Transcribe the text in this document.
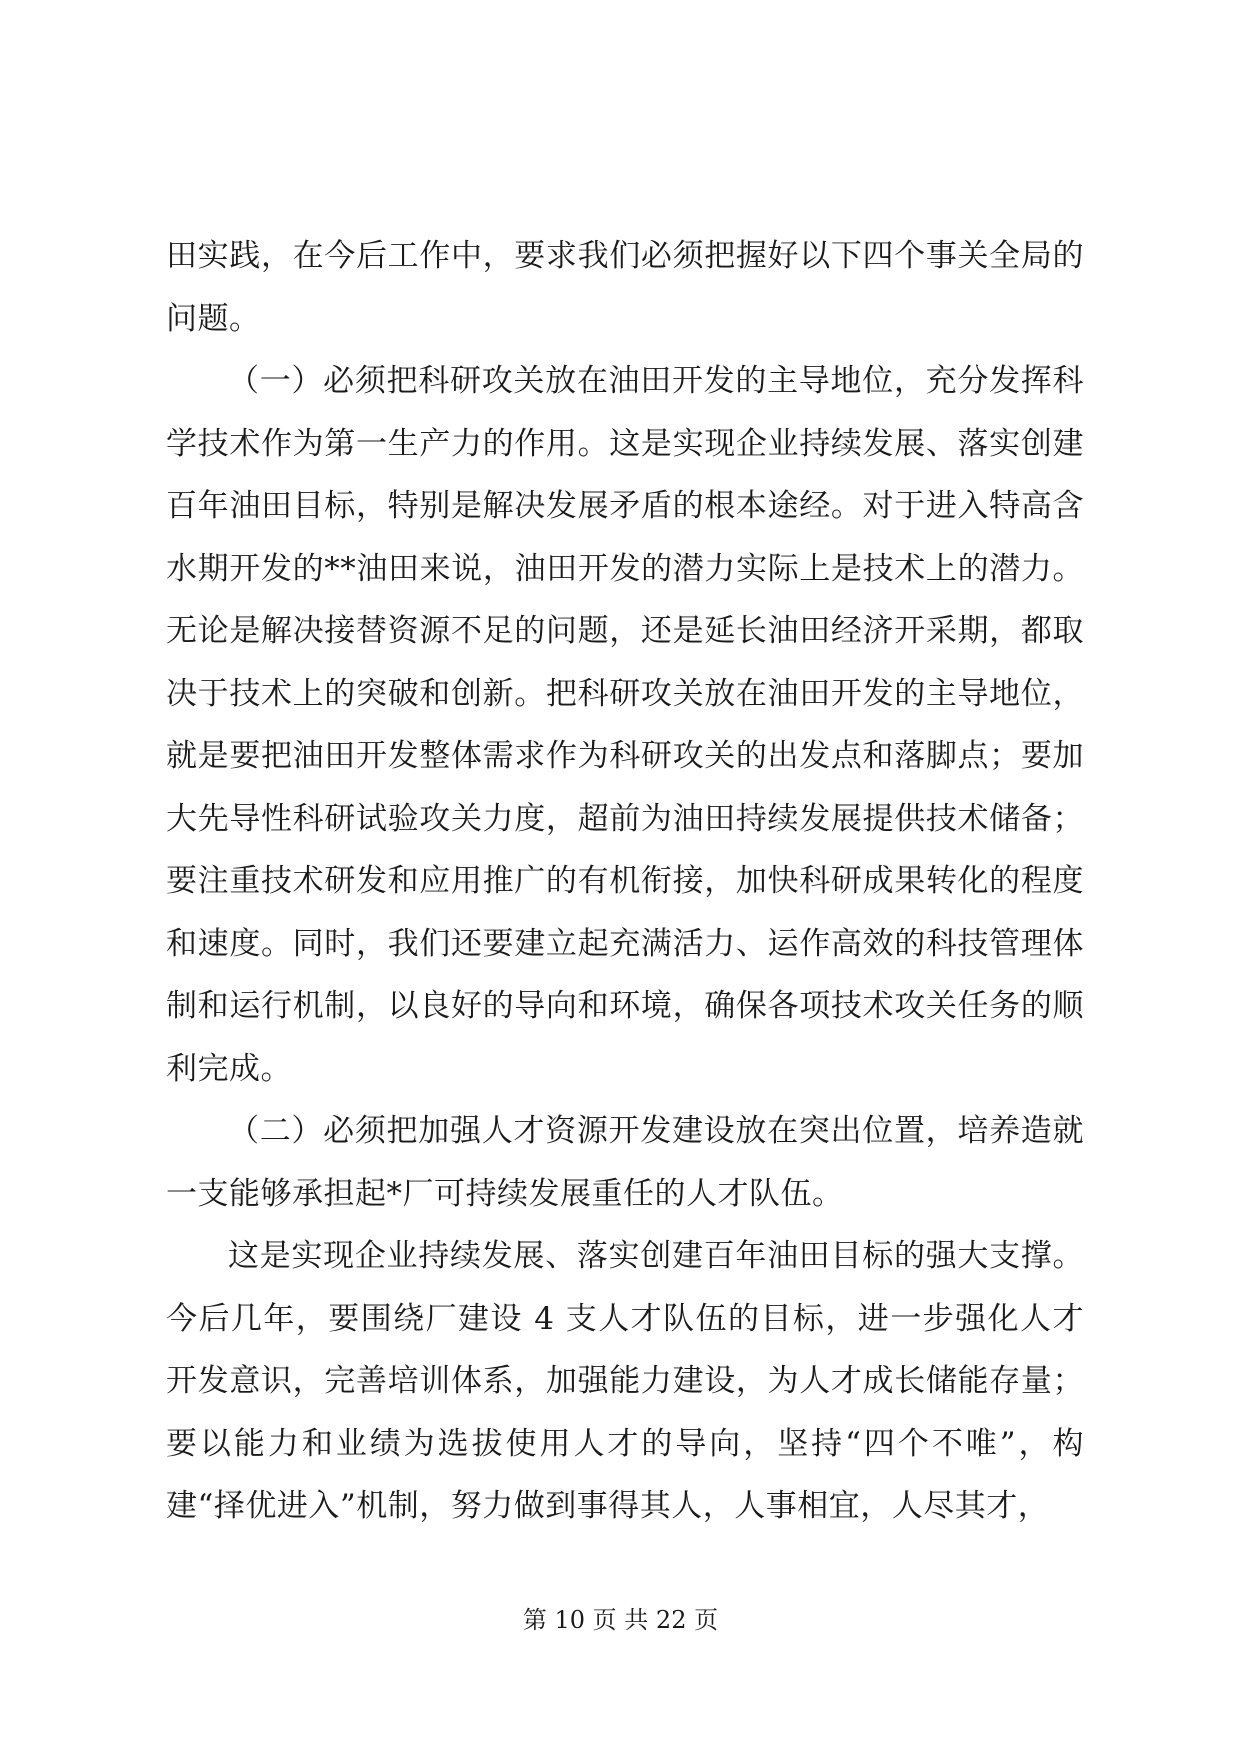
田实践，在今后工作中，要求我们必须把握好以下四个事关全局的问题。

（一）必须把科研攻关放在油田开发的主导地位，充分发挥科学技术作为第一生产力的作用。这是实现企业持续发展、落实创建百年油田目标，特别是解决发展矛盾的根本途经。对于进入特高含水期开发的**油田来说，油田开发的潜力实际上是技术上的潜力。无论是解决接替资源不足的问题，还是延长油田经济开采期，都取决于技术上的突破和创新。把科研攻关放在油田开发的主导地位，就是要把油田开发整体需求作为科研攻关的出发点和落脚点；要加大先导性科研试验攻关力度，超前为油田持续发展提供技术储备；要注重技术研发和应用推广的有机衔接，加快科研成果转化的程度和速度。同时，我们还要建立起充满活力、运作高效的科技管理体制和运行机制，以良好的导向和环境，确保各项技术攻关任务的顺利完成。

（二）必须把加强人才资源开发建设放在突出位置，培养造就一支能够承担起*厂可持续发展重任的人才队伍。

这是实现企业持续发展、落实创建百年油田目标的强大支撑。今后几年，要围绕厂建设 4 支人才队伍的目标，进一步强化人才开发意识，完善培训体系，加强能力建设，为人才成长储能存量；要以能力和业绩为选拔使用人才的导向，坚持“四个不唯”，构建“择优进入”机制，努力做到事得其人，人事相宜，人尽其才，

第 10 页 共 22 页
